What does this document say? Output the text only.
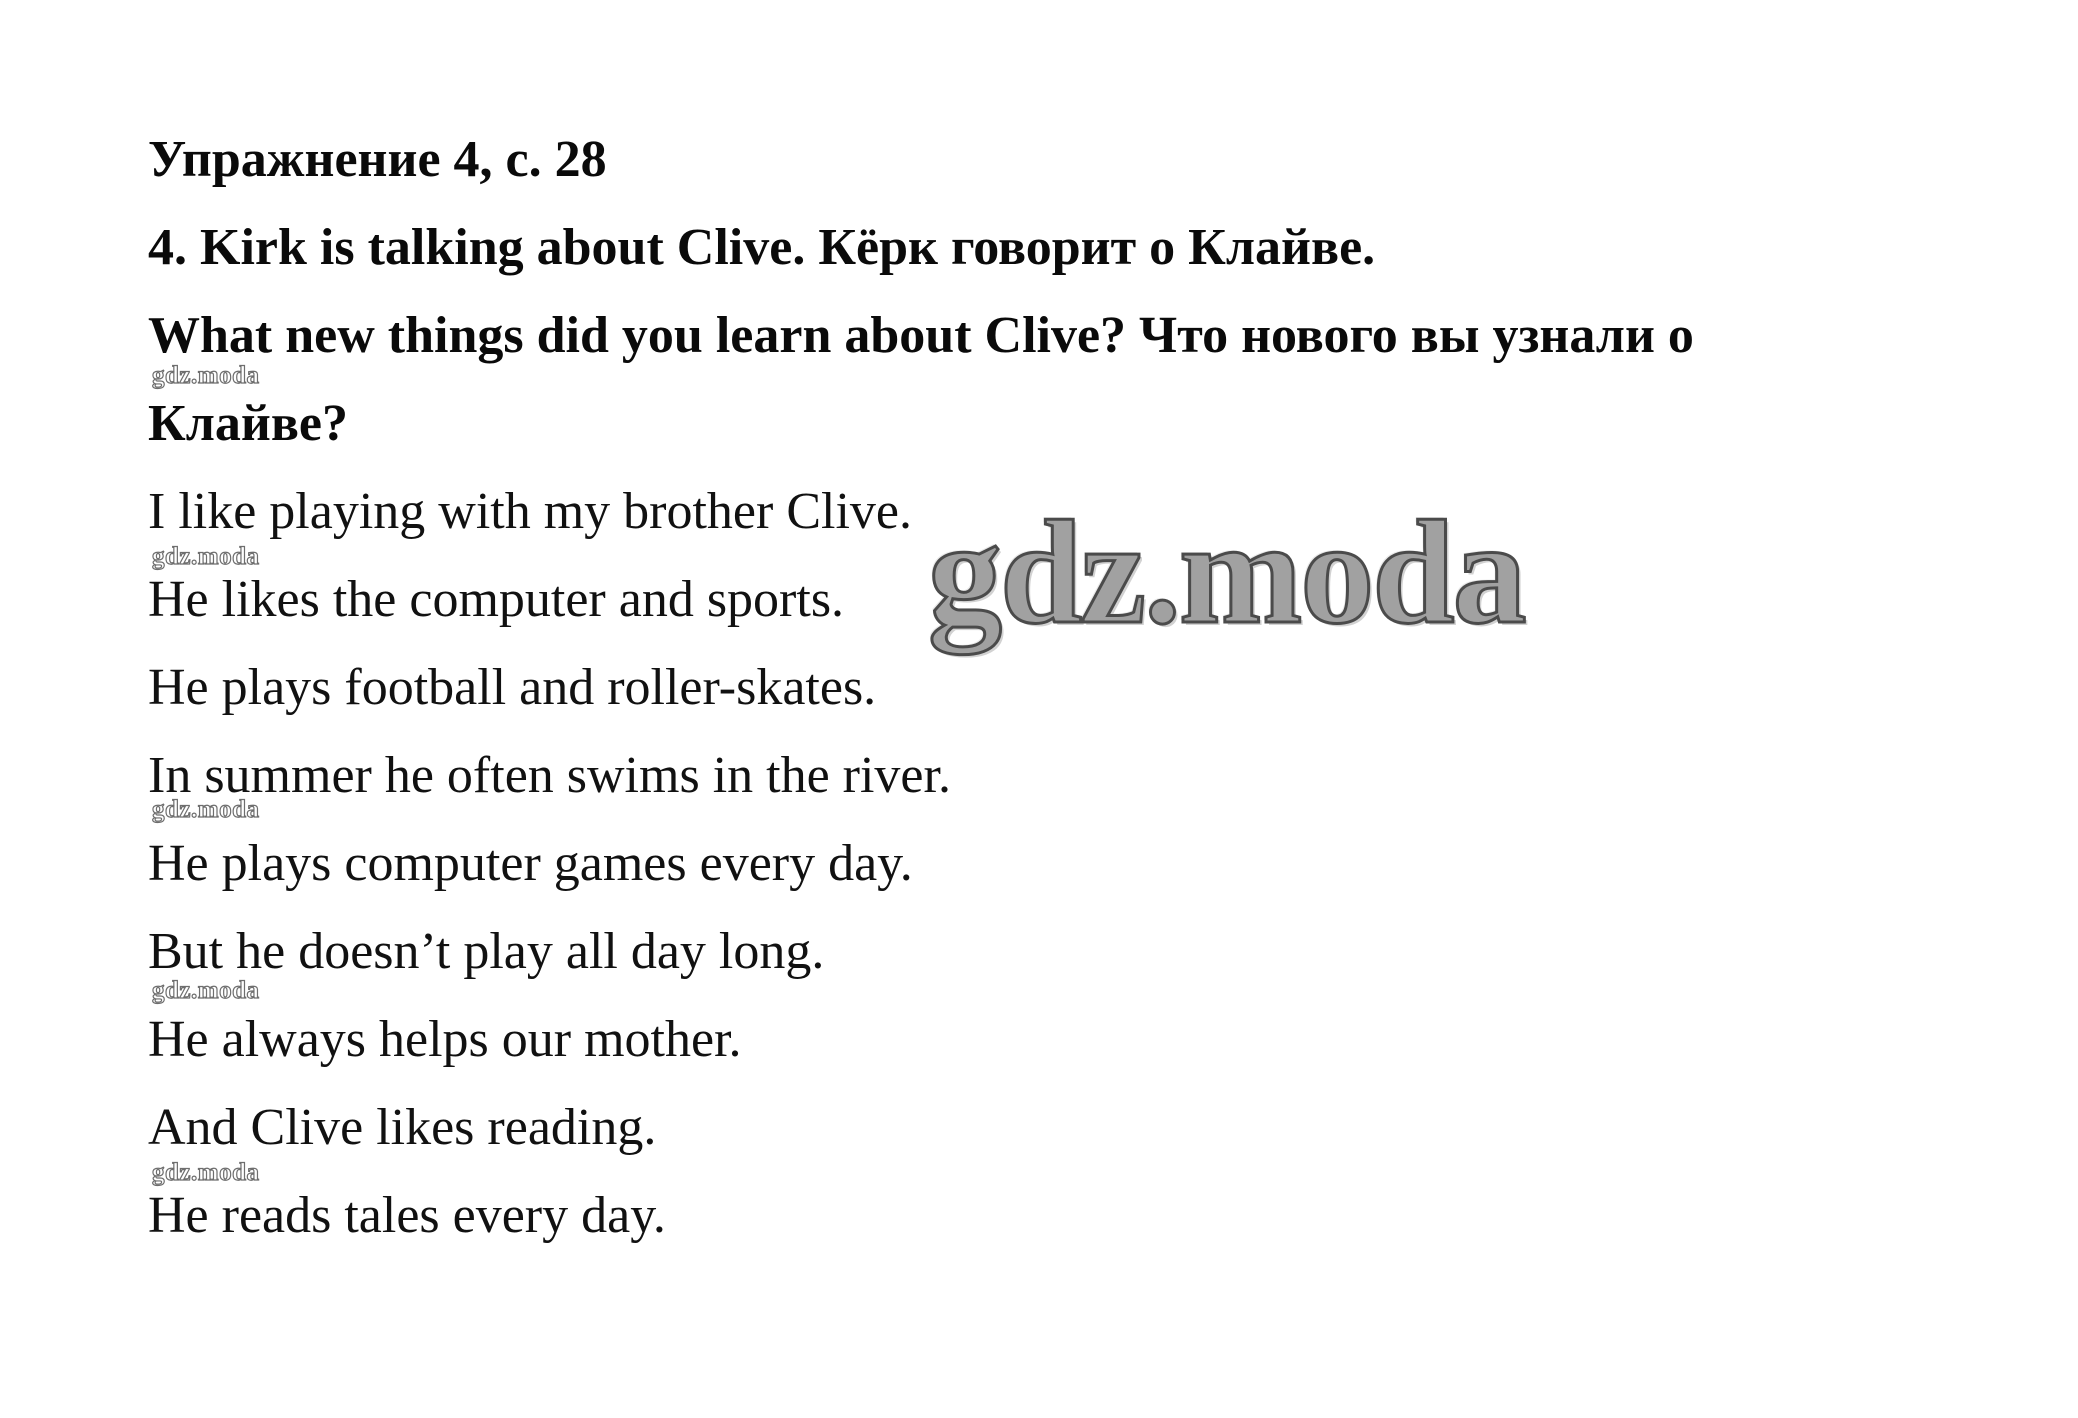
Упражнение 4, с. 28
4. Kirk is talking about Clive. Кёрк говорит о Клайве.
What new things did you learn about Clive? Что нового вы узнали о
Клайве?
I like playing with my brother Clive.
He likes the computer and sports.
He plays football and roller-skates.
In summer he often swims in the river.
He plays computer games every day.
But he doesn’t play all day long.
He always helps our mother.
And Clive likes reading.
He reads tales every day.
gdz.moda
gdz.moda
gdz.moda
gdz.moda
gdz.moda
gdz.moda
